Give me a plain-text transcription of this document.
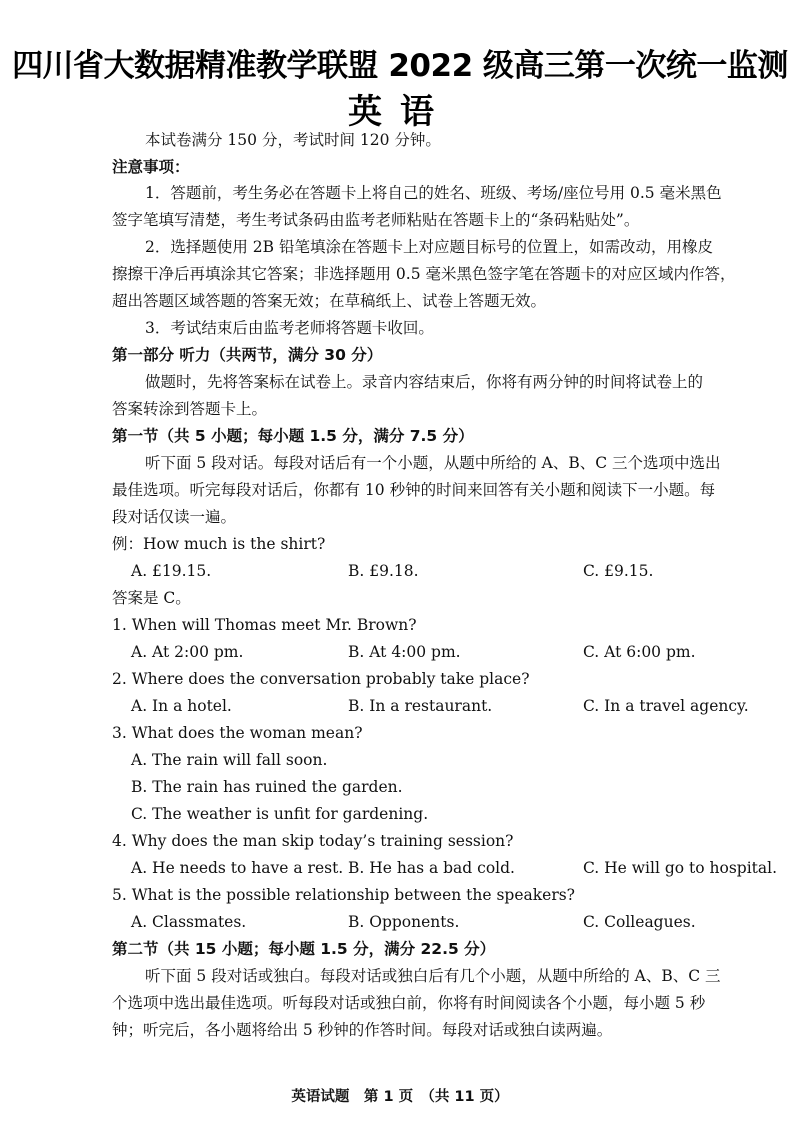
四川省大数据精准教学联盟 2022 级高三第一次统一监测
英语
本试卷满分 150 分，考试时间 120 分钟。
注意事项：
1．答题前，考生务必在答题卡上将自己的姓名、班级、考场/座位号用 0.5 毫米黑色
签字笔填写清楚，考生考试条码由监考老师粘贴在答题卡上的“条码粘贴处”。
2．选择题使用 2B 铅笔填涂在答题卡上对应题目标号的位置上，如需改动，用橡皮
擦擦干净后再填涂其它答案；非选择题用 0.5 毫米黑色签字笔在答题卡的对应区域内作答，
超出答题区域答题的答案无效；在草稿纸上、试卷上答题无效。
3．考试结束后由监考老师将答题卡收回。
第一部分 听力（共两节，满分 30 分）
做题时，先将答案标在试卷上。录音内容结束后，你将有两分钟的时间将试卷上的
答案转涂到答题卡上。
第一节（共 5 小题；每小题 1.5 分，满分 7.5 分）
听下面 5 段对话。每段对话后有一个小题，从题中所给的 A、B、C 三个选项中选出
最佳选项。听完每段对话后，你都有 10 秒钟的时间来回答有关小题和阅读下一小题。每
段对话仅读一遍。
例：How much is the shirt?
A. £19.15.	B. £9.18.	C. £9.15.
答案是 C。
1. When will Thomas meet Mr. Brown?
A. At 2:00 pm.	B. At 4:00 pm.	C. At 6:00 pm.
2. Where does the conversation probably take place?
A. In a hotel.	B. In a restaurant.	C. In a travel agency.
3. What does the woman mean?
A. The rain will fall soon.
B. The rain has ruined the garden.
C. The weather is unfit for gardening.
4. Why does the man skip today’s training session?
A. He needs to have a rest. B. He has a bad cold.	C. He will go to hospital.
5. What is the possible relationship between the speakers?
A. Classmates.	B. Opponents.	C. Colleagues.
第二节（共 15 小题；每小题 1.5 分，满分 22.5 分）
听下面 5 段对话或独白。每段对话或独白后有几个小题，从题中所给的 A、B、C 三
个选项中选出最佳选项。听每段对话或独白前，你将有时间阅读各个小题，每小题 5 秒
钟；听完后，各小题将给出 5 秒钟的作答时间。每段对话或独白读两遍。
英语试题　第 1 页　（共 11 页）
